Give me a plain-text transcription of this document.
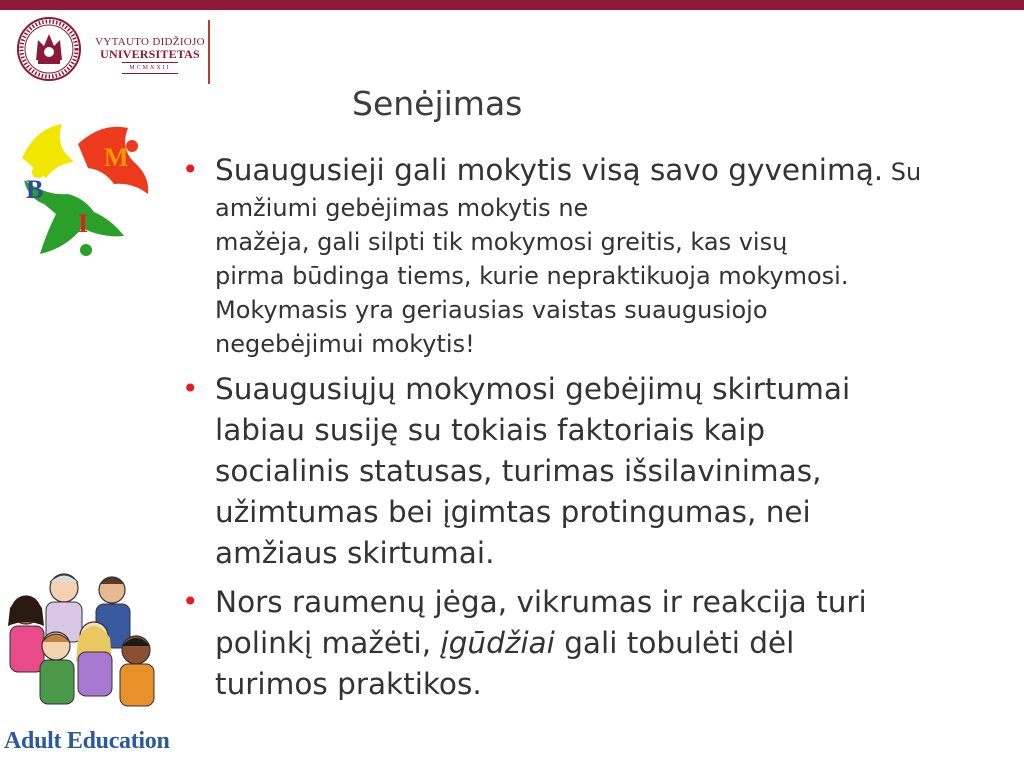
VYTAUTO DIDŽIOJO
UNIVERSITETAS
MCMXXII
Senėjimas
B
M
I
• Suaugusieji gali mokytis visą savo gyvenimą. Su amžiumi gebėjimas mokytis ne
mažėja, gali silpti tik mokymosi greitis, kas visų
pirma būdinga tiems, kurie nepraktikuoja mokymosi.
Mokymasis yra geriausias vaistas suaugusiojo
negebėjimui mokytis!
• Suaugusiųjų mokymosi gebėjimų skirtumai
labiau susiję su tokiais faktoriais kaip
socialinis statusas, turimas išsilavinimas,
užimtumas bei įgimtas protingumas, nei
amžiaus skirtumai.
• Nors raumenų jėga, vikrumas ir reakcija turi
polinkį mažėti, įgūdžiai gali tobulėti dėl
turimos praktikos.
Adult Education
